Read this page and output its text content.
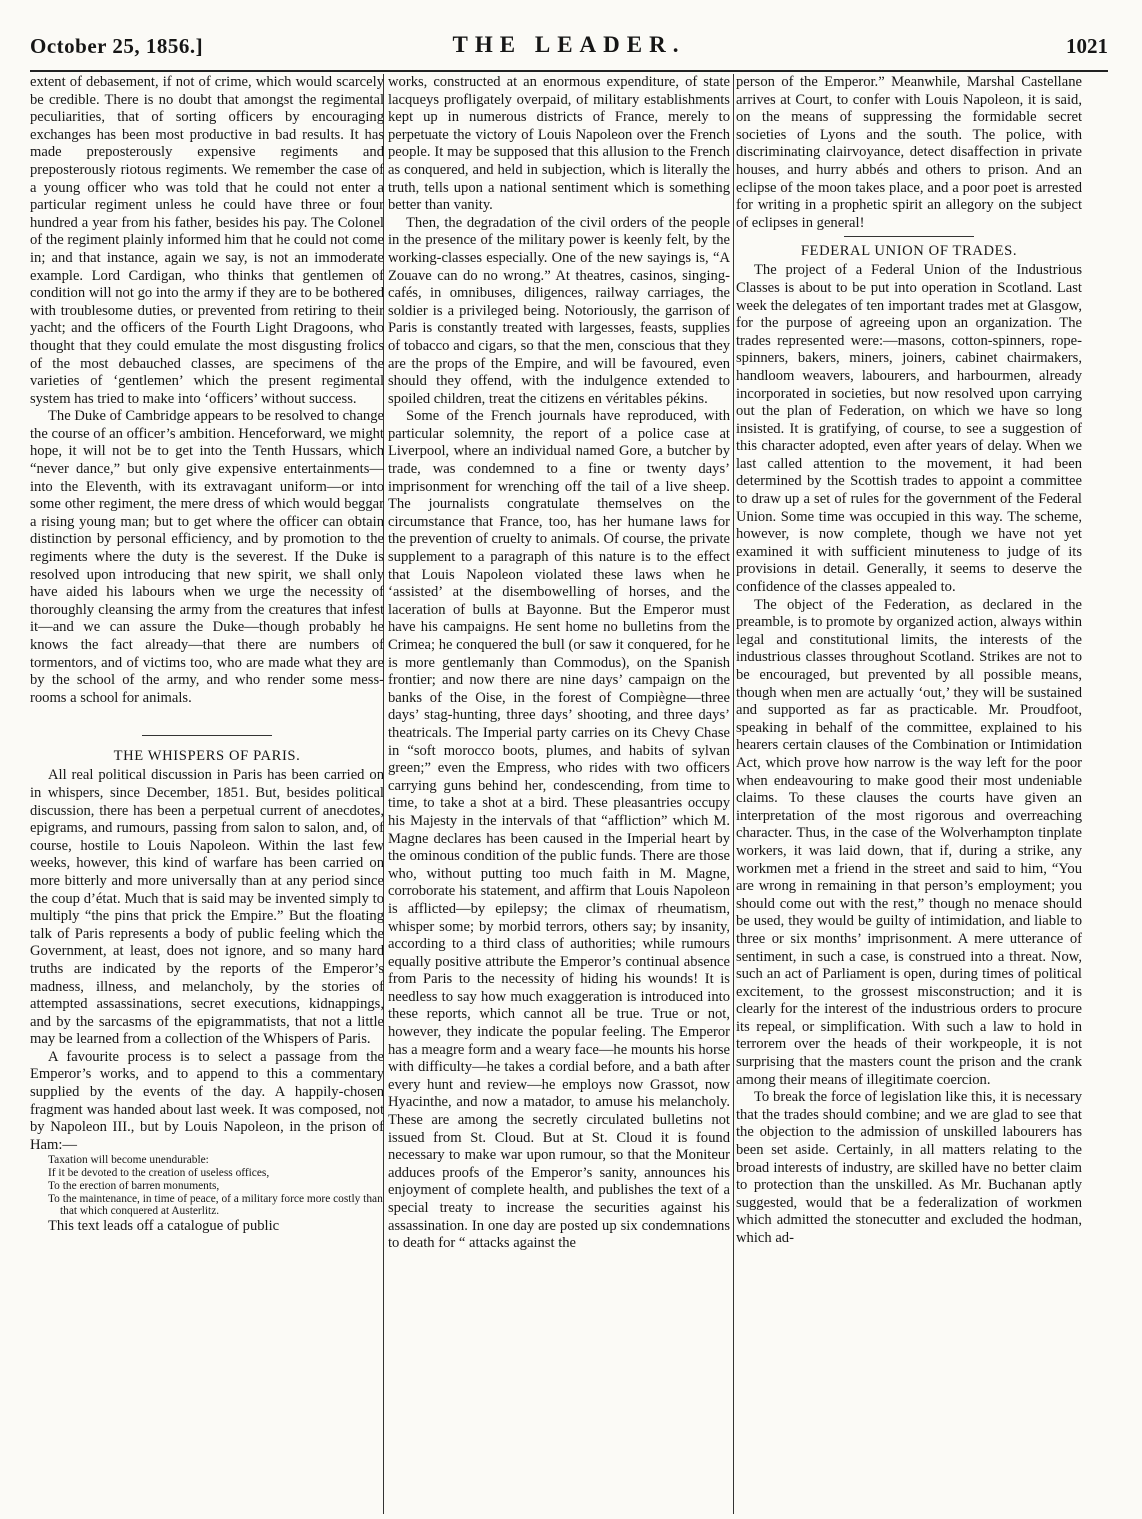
THE LEADER.
October 25, 1856.]	1021

extent of debasement, if not of crime, which would scarcely be credible. There is no doubt that amongst the regimental peculiarities, that of sorting officers by encouraging exchanges has been most productive in bad results. It has made preposterously expensive regiments and preposterously riotous regiments. We remember the case of a young officer who was told that he could not enter a particular regiment unless he could have three or four hundred a year from his father, besides his pay. The Colonel of the regiment plainly informed him that he could not come in; and that instance, again we say, is not an immoderate example. Lord Cardigan, who thinks that gentlemen of condition will not go into the army if they are to be bothered with troublesome duties, or prevented from retiring to their yacht; and the officers of the Fourth Light Dragoons, who thought that they could emulate the most disgusting frolics of the most debauched classes, are specimens of the varieties of ‘gentlemen’ which the present regimental system has tried to make into ‘officers’ without success.

The Duke of Cambridge appears to be resolved to change the course of an officer’s ambition. Henceforward, we might hope, it will not be to get into the Tenth Hussars, which “never dance,” but only give expensive entertainments—into the Eleventh, with its extravagant uniform—or into some other regiment, the mere dress of which would beggar a rising young man; but to get where the officer can obtain distinction by personal efficiency, and by promotion to the regiments where the duty is the severest. If the Duke is resolved upon introducing that new spirit, we shall only have aided his labours when we urge the necessity of thoroughly cleansing the army from the creatures that infest it—and we can assure the Duke—though probably he knows the fact already—that there are numbers of tormentors, and of victims too, who are made what they are by the school of the army, and who render some mess-rooms a school for animals.

THE WHISPERS OF PARIS.

All real political discussion in Paris has been carried on in whispers, since December, 1851. But, besides political discussion, there has been a perpetual current of anecdotes, epigrams, and rumours, passing from salon to salon, and, of course, hostile to Louis Napoleon. Within the last few weeks, however, this kind of warfare has been carried on more bitterly and more universally than at any period since the coup d’état. Much that is said may be invented simply to multiply “the pins that prick the Empire.” But the floating talk of Paris represents a body of public feeling which the Government, at least, does not ignore, and so many hard truths are indicated by the reports of the Emperor’s madness, illness, and melancholy, by the stories of attempted assassinations, secret executions, kidnappings, and by the sarcasms of the epigrammatists, that not a little may be learned from a collection of the Whispers of Paris.

A favourite process is to select a passage from the Emperor’s works, and to append to this a commentary supplied by the events of the day. A happily-chosen fragment was handed about last week. It was composed, not by Napoleon III., but by Louis Napoleon, in the prison of Ham:—

Taxation will become unendurable:

If it be devoted to the creation of useless offices,

To the erection of barren monuments,

To the maintenance, in time of peace, of a military force more costly than that which conquered at Austerlitz.

This text leads off a catalogue of public

works, constructed at an enormous expenditure, of state lacqueys profligately overpaid, of military establishments kept up in numerous districts of France, merely to perpetuate the victory of Louis Napoleon over the French people. It may be supposed that this allusion to the French as conquered, and held in subjection, which is literally the truth, tells upon a national sentiment which is something better than vanity.

Then, the degradation of the civil orders of the people in the presence of the military power is keenly felt, by the working-classes especially. One of the new sayings is, “A Zouave can do no wrong.” At theatres, casinos, singing-cafés, in omnibuses, diligences, railway carriages, the soldier is a privileged being. Notoriously, the garrison of Paris is constantly treated with largesses, feasts, supplies of tobacco and cigars, so that the men, conscious that they are the props of the Empire, and will be favoured, even should they offend, with the indulgence extended to spoiled children, treat the citizens en véritables pékins.

Some of the French journals have reproduced, with particular solemnity, the report of a police case at Liverpool, where an individual named Gore, a butcher by trade, was condemned to a fine or twenty days’ imprisonment for wrenching off the tail of a live sheep. The journalists congratulate themselves on the circumstance that France, too, has her humane laws for the prevention of cruelty to animals. Of course, the private supplement to a paragraph of this nature is to the effect that Louis Napoleon violated these laws when he ‘assisted’ at the disembowelling of horses, and the laceration of bulls at Bayonne. But the Emperor must have his campaigns. He sent home no bulletins from the Crimea; he conquered the bull (or saw it conquered, for he is more gentlemanly than Commodus), on the Spanish frontier; and now there are nine days’ campaign on the banks of the Oise, in the forest of Compiègne—three days’ stag-hunting, three days’ shooting, and three days’ theatricals. The Imperial party carries on its Chevy Chase in “soft morocco boots, plumes, and habits of sylvan green;” even the Empress, who rides with two officers carrying guns behind her, condescending, from time to time, to take a shot at a bird. These pleasantries occupy his Majesty in the intervals of that “affliction” which M. Magne declares has been caused in the Imperial heart by the ominous condition of the public funds. There are those who, without putting too much faith in M. Magne, corroborate his statement, and affirm that Louis Napoleon is afflicted—by epilepsy; the climax of rheumatism, whisper some; by morbid terrors, others say; by insanity, according to a third class of authorities; while rumours equally positive attribute the Emperor’s continual absence from Paris to the necessity of hiding his wounds! It is needless to say how much exaggeration is introduced into these reports, which cannot all be true. True or not, however, they indicate the popular feeling. The Emperor has a meagre form and a weary face—he mounts his horse with difficulty—he takes a cordial before, and a bath after every hunt and review—he employs now Grassot, now Hyacinthe, and now a matador, to amuse his melancholy. These are among the secretly circulated bulletins not issued from St. Cloud. But at St. Cloud it is found necessary to make war upon rumour, so that the Moniteur adduces proofs of the Emperor’s sanity, announces his enjoyment of complete health, and publishes the text of a special treaty to increase the securities against his assassination. In one day are posted up six condemnations to death for “ attacks against the

person of the Emperor.” Meanwhile, Marshal Castellane arrives at Court, to confer with Louis Napoleon, it is said, on the means of suppressing the formidable secret societies of Lyons and the south. The police, with discriminating clairvoyance, detect disaffection in private houses, and hurry abbés and others to prison. And an eclipse of the moon takes place, and a poor poet is arrested for writing in a prophetic spirit an allegory on the subject of eclipses in general!

FEDERAL UNION OF TRADES.

The project of a Federal Union of the Industrious Classes is about to be put into operation in Scotland. Last week the delegates of ten important trades met at Glasgow, for the purpose of agreeing upon an organization. The trades represented were:—masons, cotton-spinners, rope-spinners, bakers, miners, joiners, cabinet chairmakers, handloom weavers, labourers, and harbourmen, already incorporated in societies, but now resolved upon carrying out the plan of Federation, on which we have so long insisted. It is gratifying, of course, to see a suggestion of this character adopted, even after years of delay. When we last called attention to the movement, it had been determined by the Scottish trades to appoint a committee to draw up a set of rules for the government of the Federal Union. Some time was occupied in this way. The scheme, however, is now complete, though we have not yet examined it with sufficient minuteness to judge of its provisions in detail. Generally, it seems to deserve the confidence of the classes appealed to.

The object of the Federation, as declared in the preamble, is to promote by organized action, always within legal and constitutional limits, the interests of the industrious classes throughout Scotland. Strikes are not to be encouraged, but prevented by all possible means, though when men are actually ‘out,’ they will be sustained and supported as far as practicable. Mr. Proudfoot, speaking in behalf of the committee, explained to his hearers certain clauses of the Combination or Intimidation Act, which prove how narrow is the way left for the poor when endeavouring to make good their most undeniable claims. To these clauses the courts have given an interpretation of the most rigorous and overreaching character. Thus, in the case of the Wolverhampton tinplate workers, it was laid down, that if, during a strike, any workmen met a friend in the street and said to him, “You are wrong in remaining in that person’s employment; you should come out with the rest,” though no menace should be used, they would be guilty of intimidation, and liable to three or six months’ imprisonment. A mere utterance of sentiment, in such a case, is construed into a threat. Now, such an act of Parliament is open, during times of political excitement, to the grossest misconstruction; and it is clearly for the interest of the industrious orders to procure its repeal, or simplification. With such a law to hold in terrorem over the heads of their workpeople, it is not surprising that the masters count the prison and the crank among their means of illegitimate coercion.

To break the force of legislation like this, it is necessary that the trades should combine; and we are glad to see that the objection to the admission of unskilled labourers has been set aside. Certainly, in all matters relating to the broad interests of industry, are skilled have no better claim to protection than the unskilled. As Mr. Buchanan aptly suggested, would that be a federalization of workmen which admitted the stonecutter and excluded the hodman, which ad-
